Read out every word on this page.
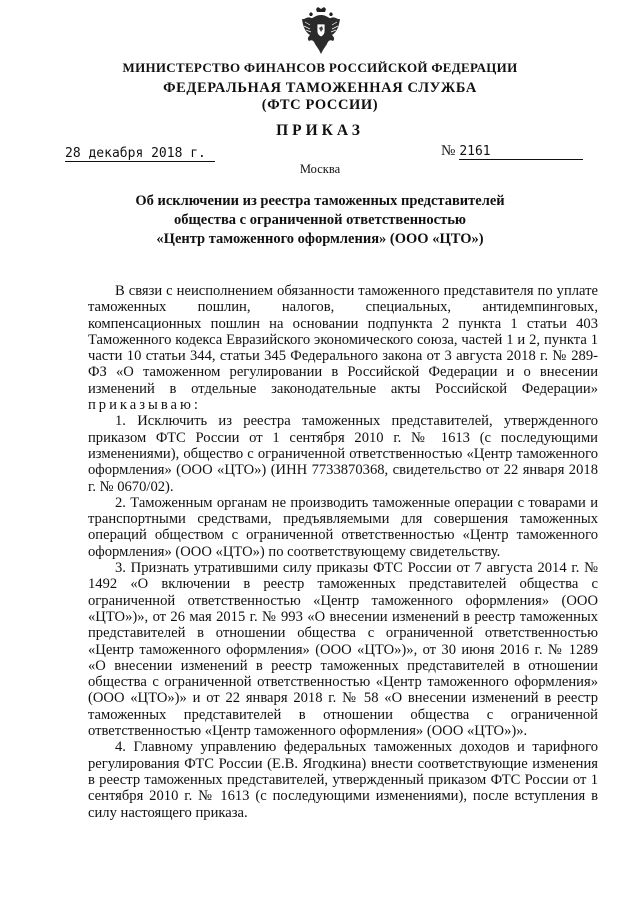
МИНИСТЕРСТВО ФИНАНСОВ РОССИЙСКОЙ ФЕДЕРАЦИИ
ФЕДЕРАЛЬНАЯ ТАМОЖЕННАЯ СЛУЖБА
(ФТС РОССИИ)
ПРИКАЗ
28 декабря 2018 г.	№ 2161
Москва
Об исключении из реестра таможенных представителей
общества с ограниченной ответственностью
«Центр таможенного оформления» (ООО «ЦТО»)

В связи с неисполнением обязанности таможенного представителя по уплате таможенных пошлин, налогов, специальных, антидемпинговых, компенсационных пошлин на основании подпункта 2 пункта 1 статьи 403 Таможенного кодекса Евразийского экономического союза, частей 1 и 2, пункта 1 части 10 статьи 344, статьи 345 Федерального закона от 3 августа 2018 г. № 289-ФЗ «О таможенном регулировании в Российской Федерации и о внесении изменений в отдельные законодательные акты Российской Федерации» приказываю:

1. Исключить из реестра таможенных представителей, утвержденного приказом ФТС России от 1 сентября 2010 г. № 1613 (с последующими изменениями), общество с ограниченной ответственностью «Центр таможенного оформления» (ООО «ЦТО») (ИНН 7733870368, свидетельство от 22 января 2018 г. № 0670/02).

2. Таможенным органам не производить таможенные операции с товарами и транспортными средствами, предъявляемыми для совершения таможенных операций обществом с ограниченной ответственностью «Центр таможенного оформления» (ООО «ЦТО») по соответствующему свидетельству.

3. Признать утратившими силу приказы ФТС России от 7 августа 2014 г. № 1492 «О включении в реестр таможенных представителей общества с ограниченной ответственностью «Центр таможенного оформления» (ООО «ЦТО»)», от 26 мая 2015 г. № 993 «О внесении изменений в реестр таможенных представителей в отношении общества с ограниченной ответственностью «Центр таможенного оформления» (ООО «ЦТО»)», от 30 июня 2016 г. № 1289 «О внесении изменений в реестр таможенных представителей в отношении общества с ограниченной ответственностью «Центр таможенного оформления» (ООО «ЦТО»)» и от 22 января 2018 г. № 58 «О внесении изменений в реестр таможенных представителей в отношении общества с ограниченной ответственностью «Центр таможенного оформления» (ООО «ЦТО»)».

4. Главному управлению федеральных таможенных доходов и тарифного регулирования ФТС России (Е.В. Ягодкина) внести соответствующие изменения в реестр таможенных представителей, утвержденный приказом ФТС России от 1 сентября 2010 г. № 1613 (с последующими изменениями), после вступления в силу настоящего приказа.
